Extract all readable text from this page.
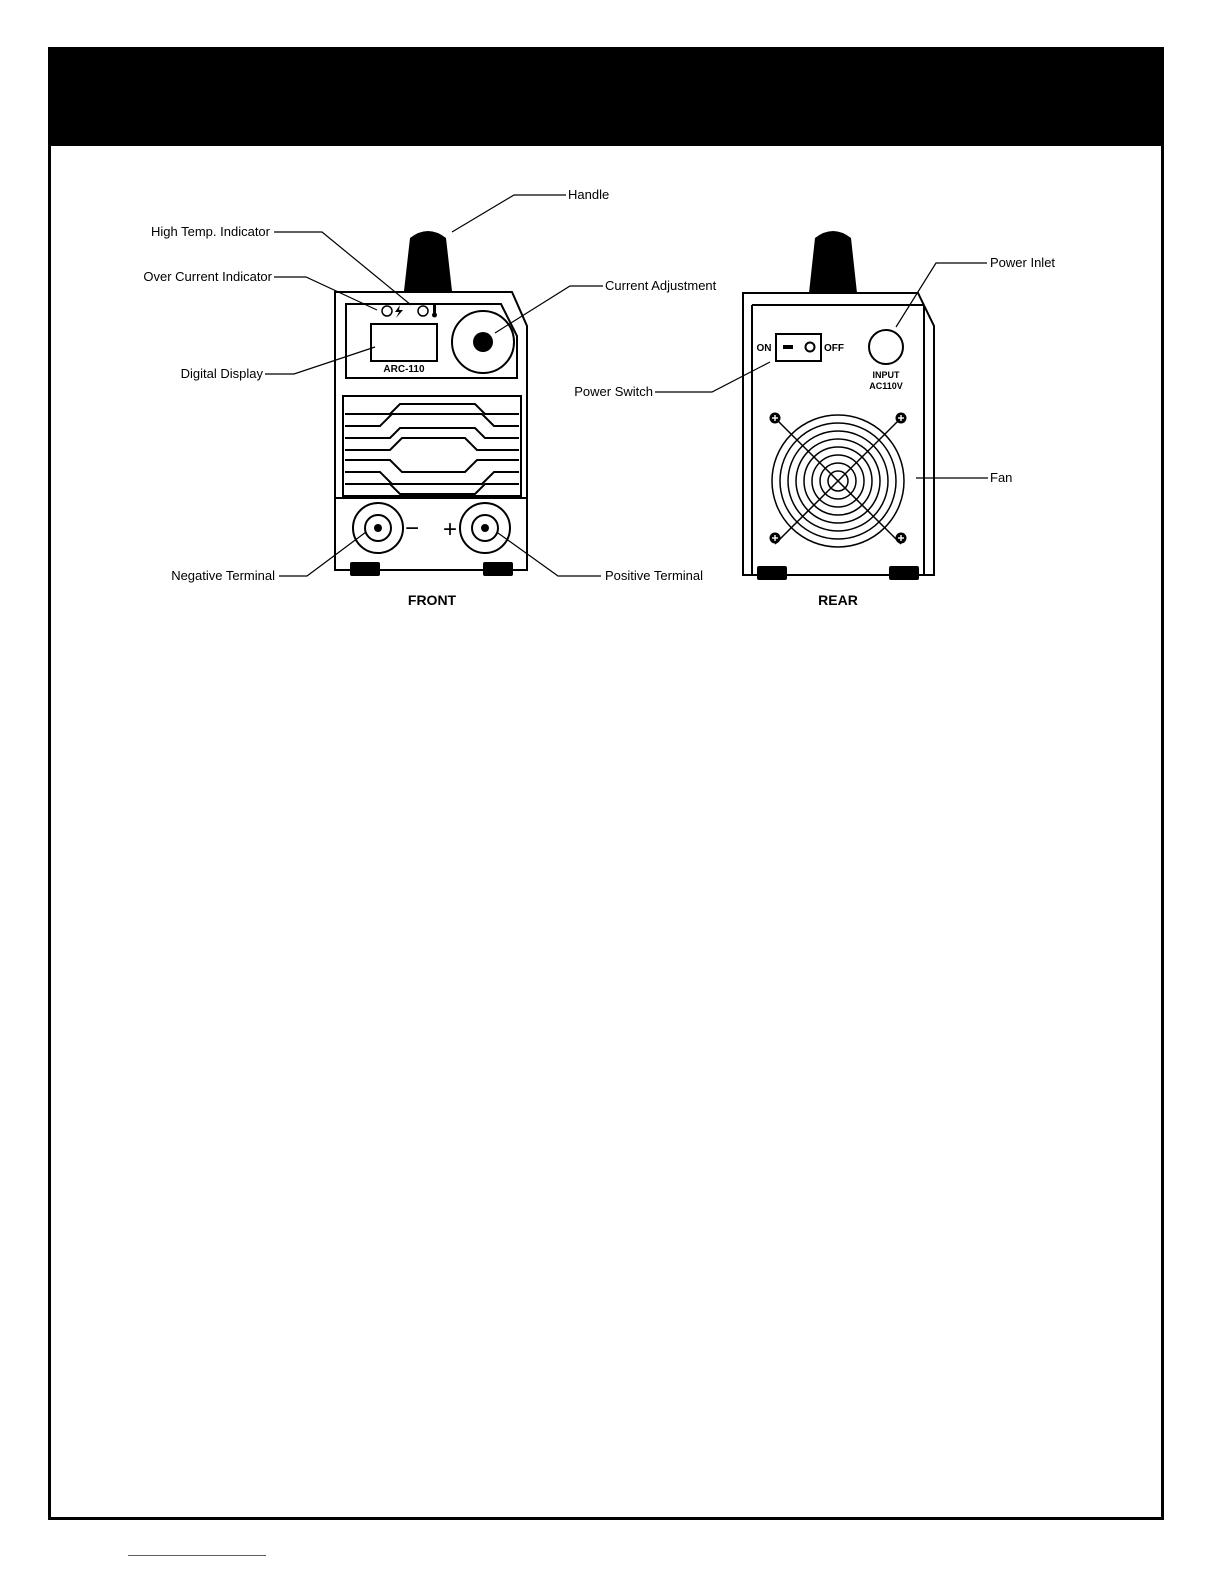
ARC-110
− +
FRONT
ON	OFF
INPUT
AC110V
REAR
Handle
High Temp. Indicator
Over Current Indicator
Current Adjustment
Digital Display
Negative Terminal	Positive Terminal
Power Inlet
Power Switch
Fan
